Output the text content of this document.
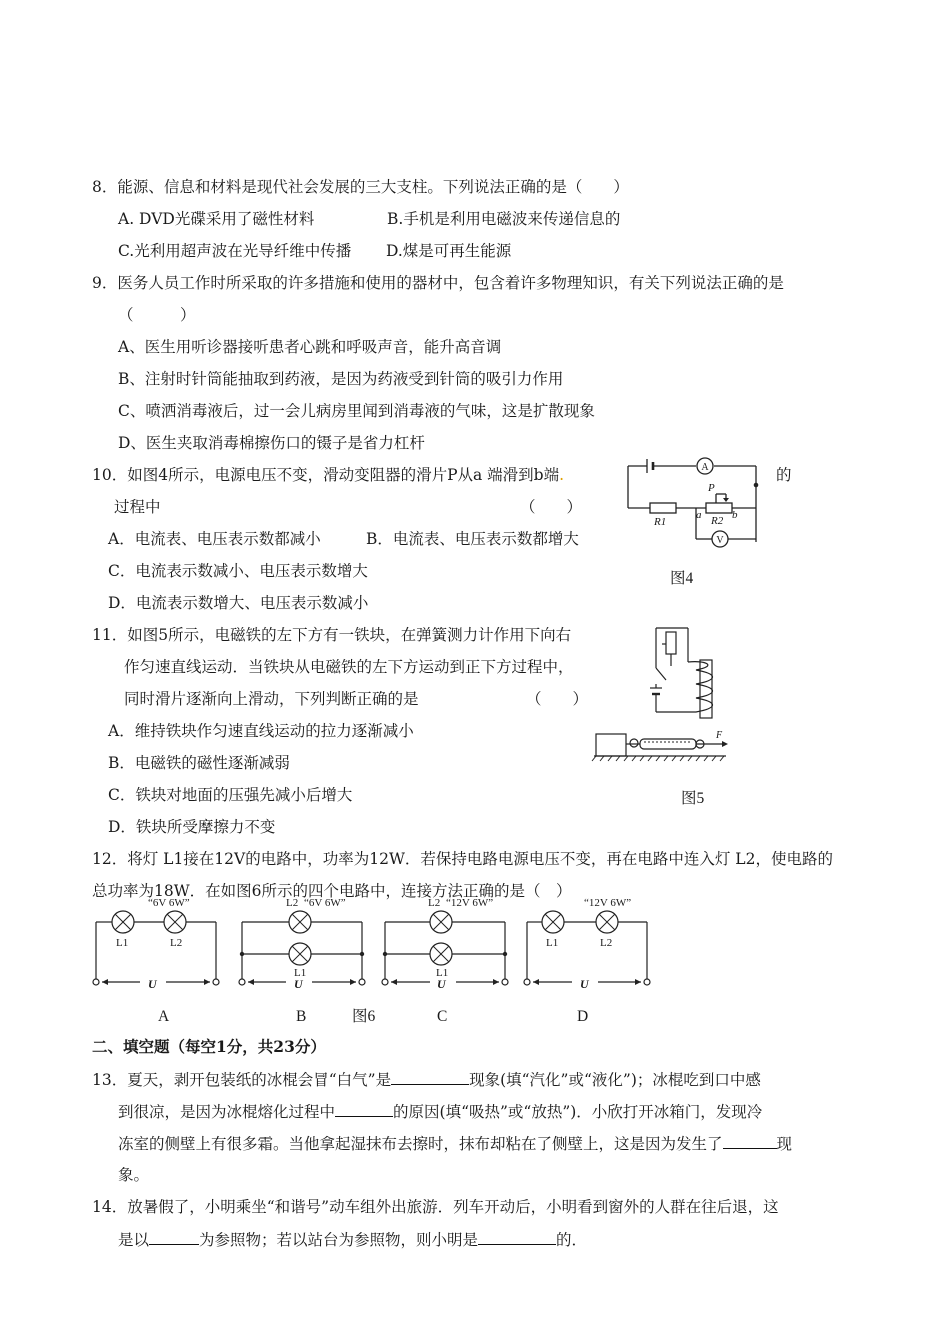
8．能源、信息和材料是现代社会发展的三大支柱。下列说法正确的是（　　）
A. DVD光碟采用了磁性材料	B.手机是利用电磁波来传递信息的
C.光利用超声波在光导纤维中传播 D.煤是可再生能源
9．医务人员工作时所采取的许多措施和使用的器材中，包含着许多物理知识，有关下列说法正确的是
（　　　）
A、医生用听诊器接听患者心跳和呼吸声音，能升高音调
B、注射时针筒能抽取到药液，是因为药液受到针筒的吸引力作用
C、喷洒消毒液后，过一会儿病房里闻到消毒液的气味，这是扩散现象
D、医生夹取消毒棉擦伤口的镊子是省力杠杆
10．如图4所示，电源电压不变，滑动变阻器的滑片P从a 端滑到b端.	的
过程中	（　　）
A．电流表、电压表示数都减小	B．电流表、电压表示数都增大
C．电流表示数减小、电压表示数增大
D．电流表示数增大、电压表示数减小
A
V
P
a	b
R1	R2
图4
11．如图5所示，电磁铁的左下方有一铁块，在弹簧测力计作用下向右
作匀速直线运动．当铁块从电磁铁的左下方运动到正下方过程中，
同时滑片逐渐向上滑动，下列判断正确的是	（　　）
A．维持铁块作匀速直线运动的拉力逐渐减小
B．电磁铁的磁性逐渐减弱
C．铁块对地面的压强先减小后增大
D．铁块所受摩擦力不变
F
图5
12．将灯 L1接在12V的电路中，功率为12W．若保持电路电源电压不变，再在电路中连入灯 L2，使电路的
总功率为18W．在如图6所示的四个电路中，连接方法正确的是（　）
“6V 6W”
L1	L2
U
L2 “6V 6W”
L1
U
L2 “12V 6W”
L1
U
“12V 6W”
L1	L2
U
A	B	图6	C	D
二、填空题（每空1分，共23分）
13．夏天，剥开包装纸的冰棍会冒“白气”是	现象(填“汽化”或“液化”)；冰棍吃到口中感
到很凉，是因为冰棍熔化过程中	的原因(填“吸热”或“放热”)．小欣打开冰箱门，发现冷
冻室的侧壁上有很多霜。当他拿起湿抹布去擦时，抹布却粘在了侧壁上，这是因为发生了	现
象。
14．放暑假了，小明乘坐“和谐号”动车组外出旅游．列车开动后，小明看到窗外的人群在往后退，这
是以	为参照物；若以站台为参照物，则小明是	的．
